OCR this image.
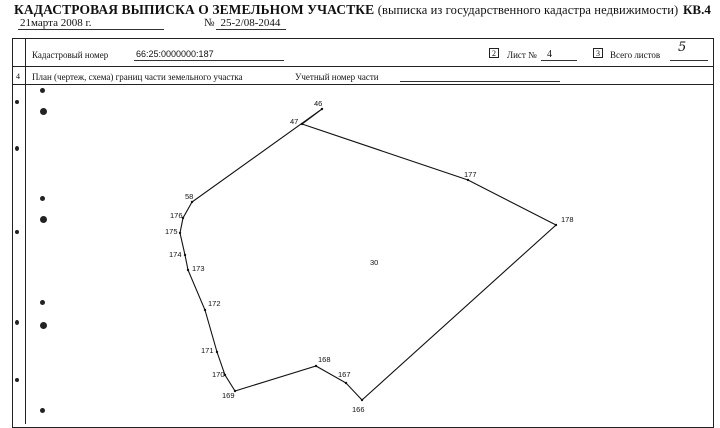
КАДАСТРОВАЯ ВЫПИСКА О ЗЕМЕЛЬНОМ УЧАСТКЕ (выписка из государственного кадастра недвижимости) КВ.4
21марта 2008 г.	№ 25-2/08-2044
Кадастровый номер	66:25:0000000:187	2	Лист № 4	3	Всего листов 5
4 План (чертеж, схема) границ части земельного участка	Учетный номер части
46
47
177
178
166
167
168
169
170
171
172
173
174
175
176
58
30
